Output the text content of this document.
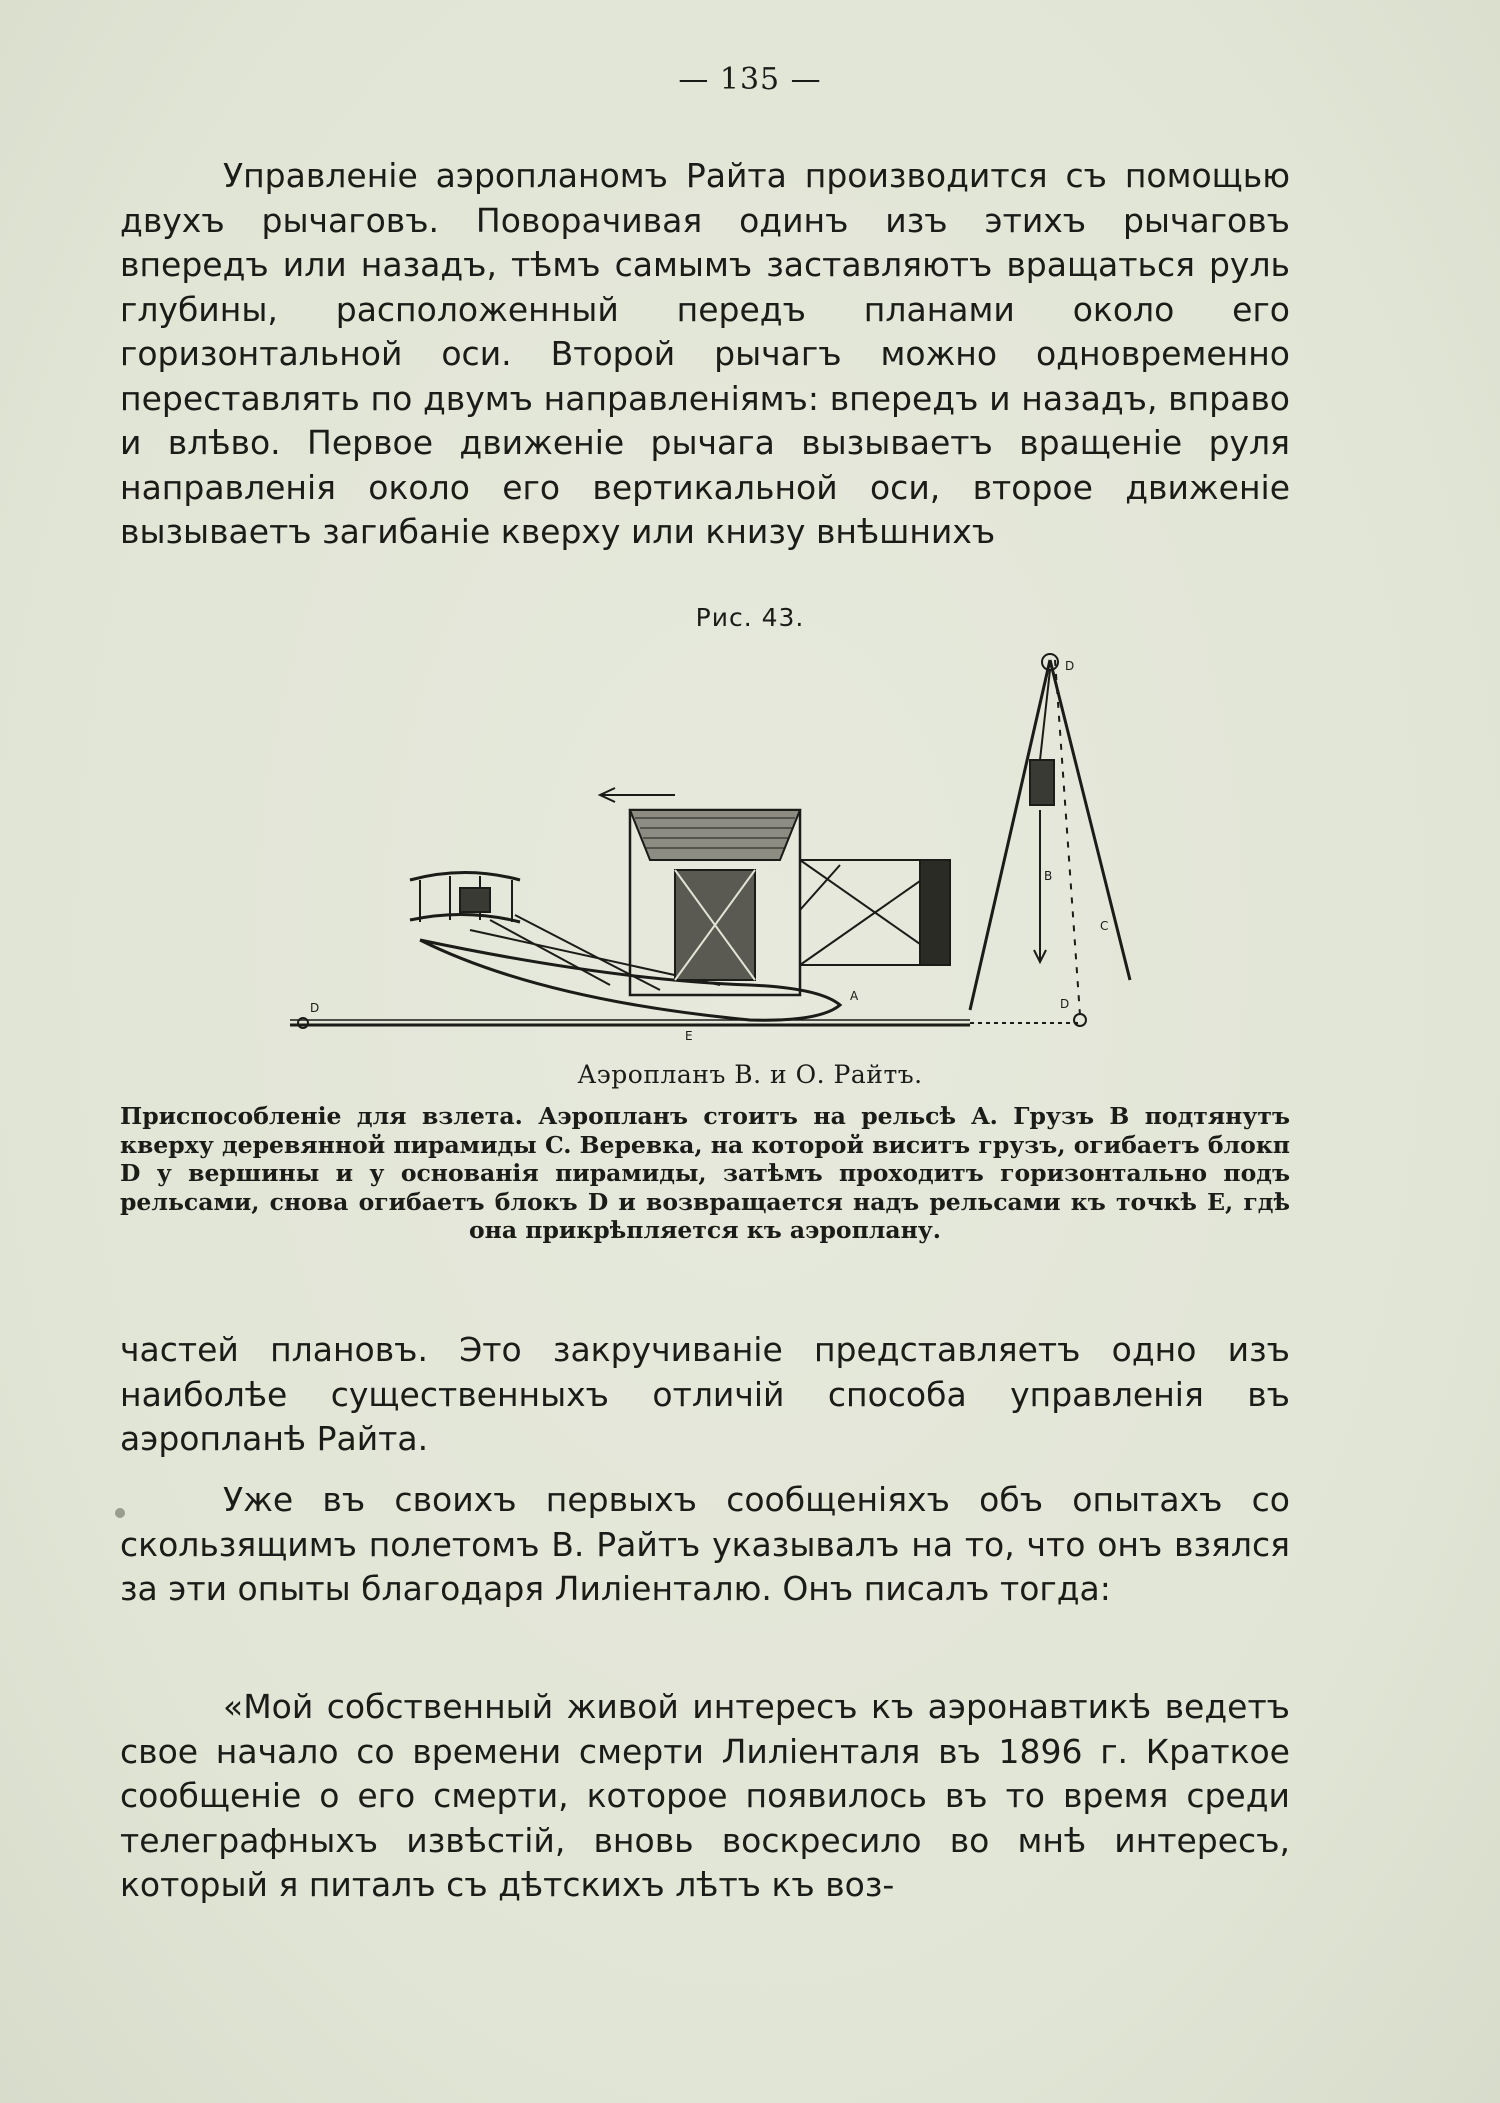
— 135 —

Управленіе аэропланомъ Райта производится съ помощью двухъ рычаговъ. Поворачивая одинъ изъ этихъ рычаговъ впередъ или назадъ, тѣмъ самымъ заставляютъ вращаться руль глубины, расположенный передъ планами около его горизонтальной оси. Второй рычагъ можно одновременно переставлять по двумъ направленіямъ: впередъ и назадъ, вправо и влѣво. Первое движеніе рычага вызываетъ вращеніе руля направленія около его вертикальной оси, второе движеніе вызываетъ загибаніе кверху или книзу внѣшнихъ

Рис. 43.
A
B
C
D
D
E
D
Аэропланъ В. и О. Райтъ.

Приспособленіе для взлета. Аэропланъ стоитъ на рельсѣ A. Грузъ B подтянутъ кверху деревянной пирамиды C. Веревка, на которой виситъ грузъ, огибаетъ блокп D у вершины и у основанія пирамиды, затѣмъ проходитъ горизонтально подъ рельсами, снова огибаетъ блокъ D и возвращается надъ рельсами къ точкѣ E, гдѣ она прикрѣпляется къ аэроплану.

частей плановъ. Это закручиваніе представляетъ одно изъ наиболѣе существенныхъ отличій способа управленія въ аэропланѣ Райта.

Уже въ своихъ первыхъ сообщеніяхъ объ опытахъ со скользящимъ полетомъ В. Райтъ указывалъ на то, что онъ взялся за эти опыты благодаря Лиліенталю. Онъ писалъ тогда:

«Мой собственный живой интересъ къ аэронавтикѣ ведетъ свое начало со времени смерти Лиліенталя въ 1896 г. Краткое сообщеніе о его смерти, которое появилось въ то время среди телеграфныхъ извѣстій, вновь воскресило во мнѣ интересъ, который я питалъ съ дѣтскихъ лѣтъ къ воз-
